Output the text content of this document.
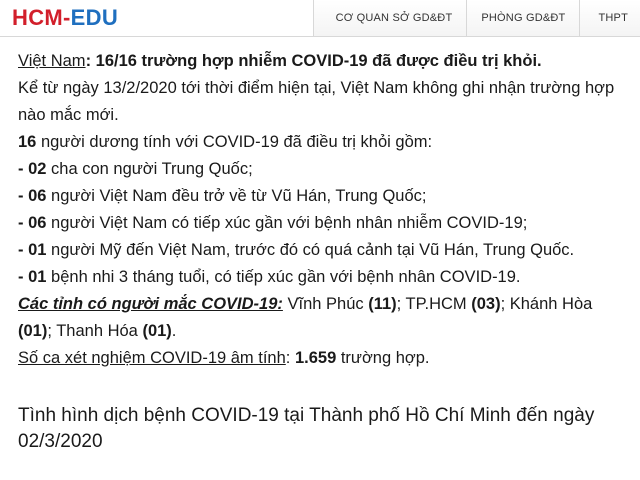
HCM-EDU	CƠ QUAN SỞ GD&ĐT	PHÒNG GD&ĐT	THPT

Việt Nam: 16/16 trường hợp nhiễm COVID-19 đã được điều trị khỏi.

Kể từ ngày 13/2/2020 tới thời điểm hiện tại, Việt Nam không ghi nhận trường hợp nào mắc mới.

16 người dương tính với COVID-19 đã điều trị khỏi gồm:

- 02 cha con người Trung Quốc;

- 06 người Việt Nam đều trở về từ Vũ Hán, Trung Quốc;

- 06 người Việt Nam có tiếp xúc gần với bệnh nhân nhiễm COVID-19;

- 01 người Mỹ đến Việt Nam, trước đó có quá cảnh tại Vũ Hán, Trung Quốc.

- 01 bệnh nhi 3 tháng tuổi, có tiếp xúc gần với bệnh nhân COVID-19.

Các tỉnh có người mắc COVID-19: Vĩnh Phúc (11); TP.HCM (03); Khánh Hòa (01); Thanh Hóa (01).

Số ca xét nghiệm COVID-19 âm tính: 1.659 trường hợp.

Tình hình dịch bệnh COVID-19 tại Thành phố Hồ Chí Minh đến ngày 02/3/2020
